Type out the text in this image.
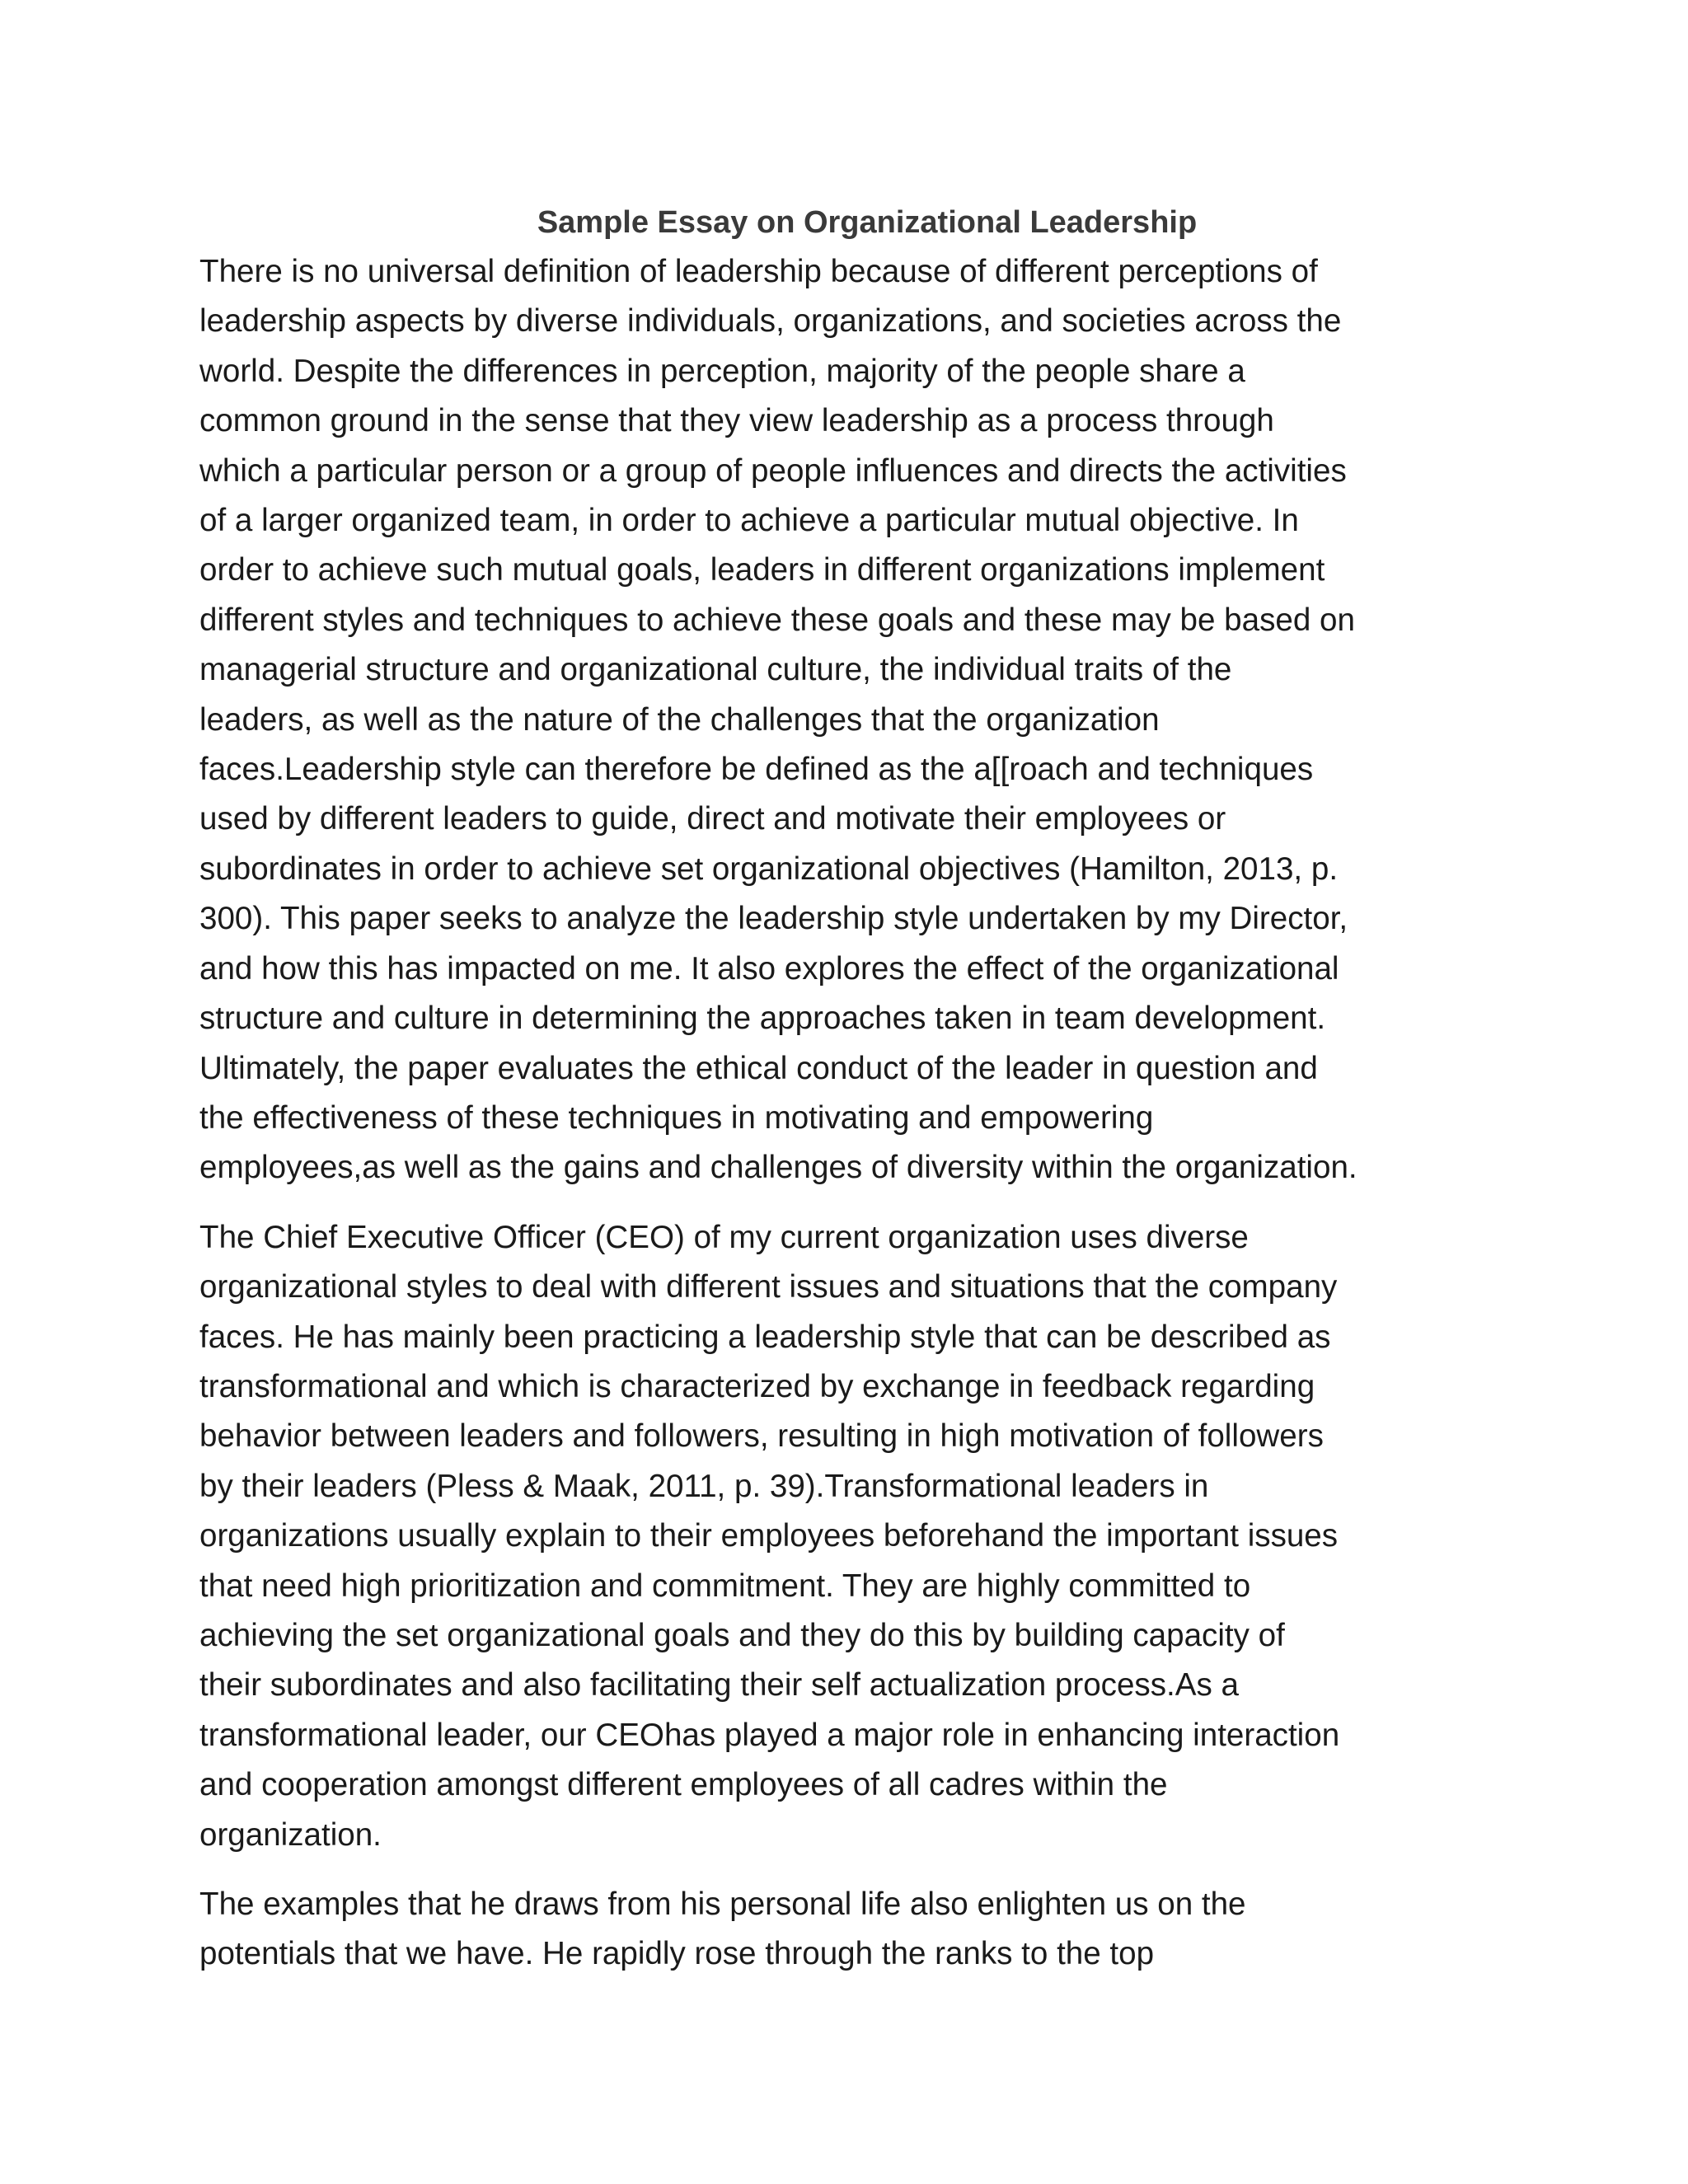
Sample Essay on Organizational Leadership

There is no universal definition of leadership because of different perceptions of
leadership aspects by diverse individuals, organizations, and societies across the
world. Despite the differences in perception, majority of the people share a
common ground in the sense that they view leadership as a process through
which a particular person or a group of people influences and directs the activities
of a larger organized team, in order to achieve a particular mutual objective. In
order to achieve such mutual goals, leaders in different organizations implement
different styles and techniques to achieve these goals and these may be based on
managerial structure and organizational culture, the individual traits of the
leaders, as well as the nature of the challenges that the organization
faces.Leadership style can therefore be defined as the a[[roach and techniques
used by different leaders to guide, direct and motivate their employees or
subordinates in order to achieve set organizational objectives (Hamilton, 2013, p.
300). This paper seeks to analyze the leadership style undertaken by my Director,
and how this has impacted on me. It also explores the effect of the organizational
structure and culture in determining the approaches taken in team development.
Ultimately, the paper evaluates the ethical conduct of the leader in question and
the effectiveness of these techniques in motivating and empowering
employees,as well as the gains and challenges of diversity within the organization.

The Chief Executive Officer (CEO) of my current organization uses diverse
organizational styles to deal with different issues and situations that the company
faces. He has mainly been practicing a leadership style that can be described as
transformational and which is characterized by exchange in feedback regarding
behavior between leaders and followers, resulting in high motivation of followers
by their leaders (Pless & Maak, 2011, p. 39).Transformational leaders in
organizations usually explain to their employees beforehand the important issues
that need high prioritization and commitment. They are highly committed to
achieving the set organizational goals and they do this by building capacity of
their subordinates and also facilitating their self actualization process.As a
transformational leader, our CEOhas played a major role in enhancing interaction
and cooperation amongst different employees of all cadres within the
organization.

The examples that he draws from his personal life also enlighten us on the
potentials that we have. He rapidly rose through the ranks to the top
